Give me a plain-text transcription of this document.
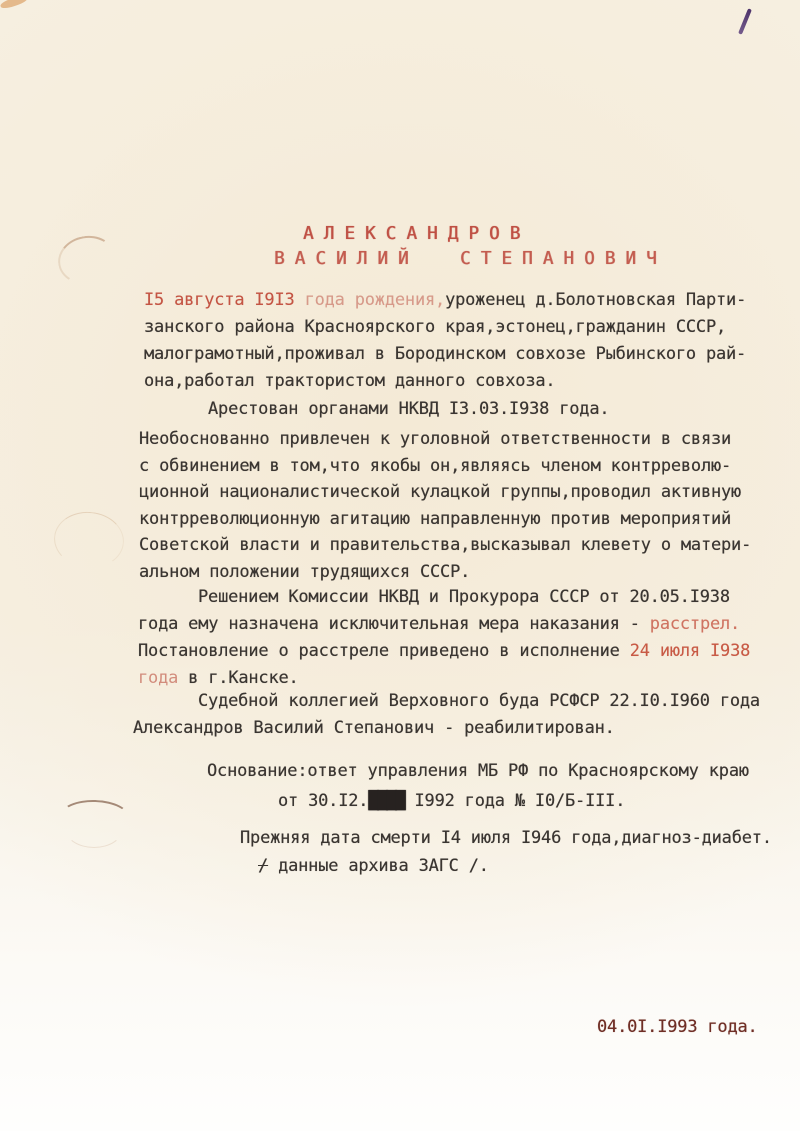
А Л Е К С А Н Д Р О В
В А С И Л И Й     С Т Е П А Н О В И Ч
I5 августа I9I3 года рождения,уроженец д.Болотновская Парти-
занского района Красноярского края,эстонец,гражданин СССР,
малограмотный,проживал в Бородинском совхозе Рыбинского рай-
она,работал трактористом данного совхоза.
Арестован органами НКВД I3.03.I938 года.
Необоснованно привлечен к уголовной ответственности в связи
с обвинением в том,что якобы он,являясь членом контрреволю-
ционной националистической кулацкой группы,проводил активную
контрреволюционную агитацию направленную против мероприятий
Советской власти и правительства,высказывал клевету о матери-
альном положении трудящихся СССР.
Решением Комиссии НКВД и Прокурора СССР от 20.05.I938
года ему назначена исключительная мера наказания - расстрел.
Постановление о расстреле приведено в исполнение 24 июля I938
года в г.Канске.
Судебной коллегией Верховного буда РСФСР 22.I0.I960 года
Александров Василий Степанович - реабилитирован.
Основание:ответ управления МБ РФ по Красноярскому краю
от 30.I2.████ I992 года № I0/Б-III.
Прежняя дата смерти I4 июля I946 года,диагноз-диабет.
/ данные архива ЗАГС /.
04.0I.I993 года.
